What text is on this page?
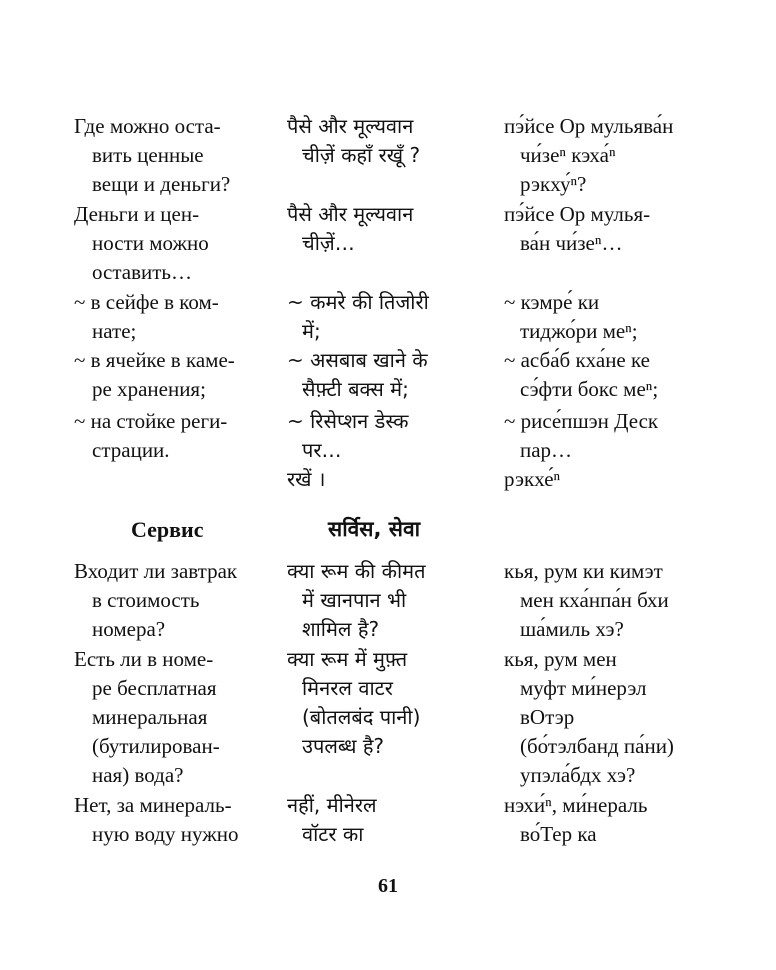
Где можно оста-
вить ценные
вещи и деньги?
पैसे और मूल्यवान
चीज़ें कहाँ रखूँ ?
пэ́йсе Ор мульява́н
чи́зеⁿ кэха́ⁿ
рэкху́ⁿ?
Деньги и цен-
ности можно
оставить…
पैसे और मूल्यवान
चीज़ें…
пэ́йсе Ор мулья-
ва́н чи́зеⁿ…
~ в сейфе в ком-
нате;
~ कमरे की तिजोरी
में;
~ кэмре́ ки
тиджо́ри меⁿ;
~ в ячейке в каме-
ре хранения;
~ असबाब खाने के
सैफ़्टी बक्स में;
~ асба́б кха́не ке
сэ́фти бокс меⁿ;
~ на стойке реги-
страции.
~ रिसेप्शन डेस्क
पर…
रखें ।
~ рисе́пшэн Деск
пар…
рэкхе́ⁿ
Сервис	सर्विस, सेवा
Входит ли завтрак
в стоимость
номера?
क्या रूम की कीमत
में खानपान भी
शामिल है?
кья, рум ки кимэт
мен кха́нпа́н бхи
ша́миль хэ?
Есть ли в номе-
ре бесплатная
минеральная
(бутилирован-
ная) вода?
क्या रूम में मुफ़्त
मिनरल वाटर
(बोतलबंद पानी)
उपलब्ध है?
кья, рум мен
муфт ми́нерэл
вОтэр
(бо́тэлбанд па́ни)
упэла́бдх хэ?
Нет, за минераль-
ную воду нужно
नहीं, मीनेरल
वॉटर का
нэхи́ⁿ, ми́нераль
во́Тер ка
61
